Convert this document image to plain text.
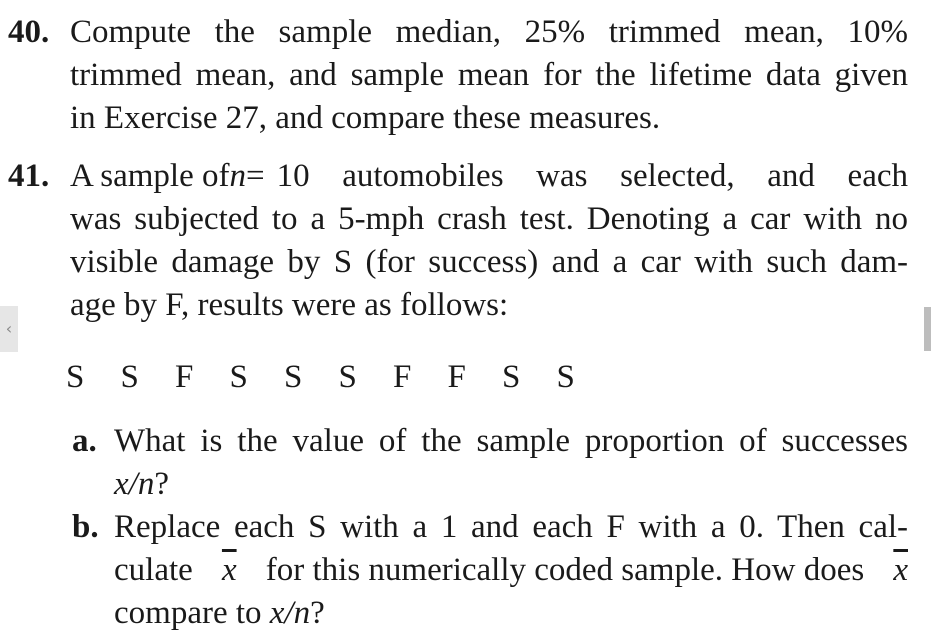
40. Compute the sample median, 25% trimmed mean, 10%
trimmed mean, and sample mean for the lifetime data given
in Exercise 27, and compare these measures.
41. A sample of n = 10 automobiles was selected, and each
was subjected to a 5-mph crash test. Denoting a car with no
visible damage by S (for success) and a car with such dam-
age by F, results were as follows:
S S F S S S F F S S
a. What is the value of the sample proportion of successes
x/n?
b. Replace each S with a 1 and each F with a 0. Then cal-
culate $\overline{x}$ for this numerically coded sample. How does $\overline{x}$
compare to x/n?
‹
